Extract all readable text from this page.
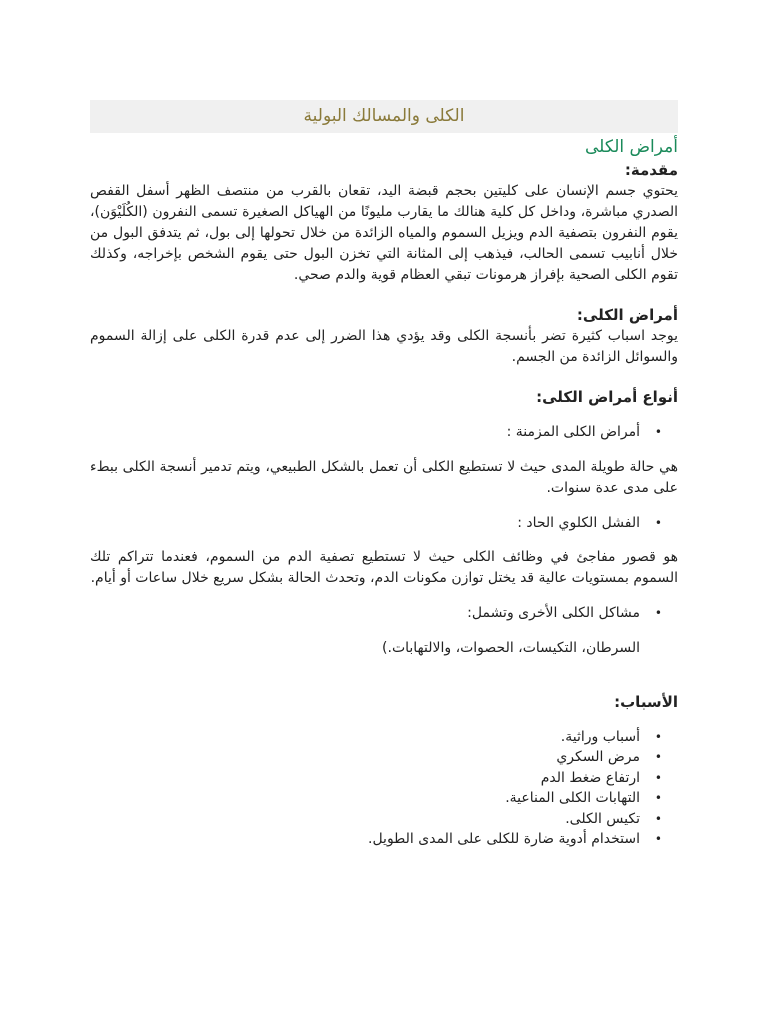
الكلى والمسالك البولية
أمراض الكلى
مقدمة:

يحتوي جسم الإنسان على كليتين بحجم قبضة اليد، تقعان بالقرب من منتصف الظهر أسفل القفص الصدري مباشرة، وداخل كل كلية هنالك ما يقارب مليونًا من الهياكل الصغيرة تسمى النفرون (الكُلَيْوَن)، يقوم النفرون بتصفية الدم ويزيل السموم والمياه الزائدة من خلال تحولها إلى بول، ثم يتدفق البول من خلال أنابيب تسمى الحالب، فيذهب إلى المثانة التي تخزن البول حتى يقوم الشخص بإخراجه، وكذلك تقوم الكلى الصحية بإفراز هرمونات تبقي العظام قوية والدم صحي.

أمراض الكلى:

يوجد اسباب كثيرة تضر بأنسجة الكلى وقد يؤدي هذا الضرر إلى عدم قدرة الكلى على إزالة السموم والسوائل الزائدة من الجسم.

أنواع أمراض الكلى:
• أمراض الكلى المزمنة :

هي حالة طويلة المدى حيث لا تستطيع الكلى أن تعمل بالشكل الطبيعي، ويتم تدمير أنسجة الكلى ببطء على مدى عدة سنوات.

• الفشل الكلوي الحاد :

هو قصور مفاجئ في وظائف الكلى حيث لا تستطيع تصفية الدم من السموم، فعندما تتراكم تلك السموم بمستويات عالية قد يختل توازن مكونات الدم، وتحدث الحالة بشكل سريع خلال ساعات أو أيام.

• مشاكل الكلى الأخرى وتشمل:

السرطان، التكيسات، الحصوات، والالتهابات.)

الأسباب:
• أسباب وراثية.
• مرض السكري
• ارتفاع ضغط الدم
• التهابات الكلى المناعية.
• تكيس الكلى.
• استخدام أدوية ضارة للكلى على المدى الطويل.
